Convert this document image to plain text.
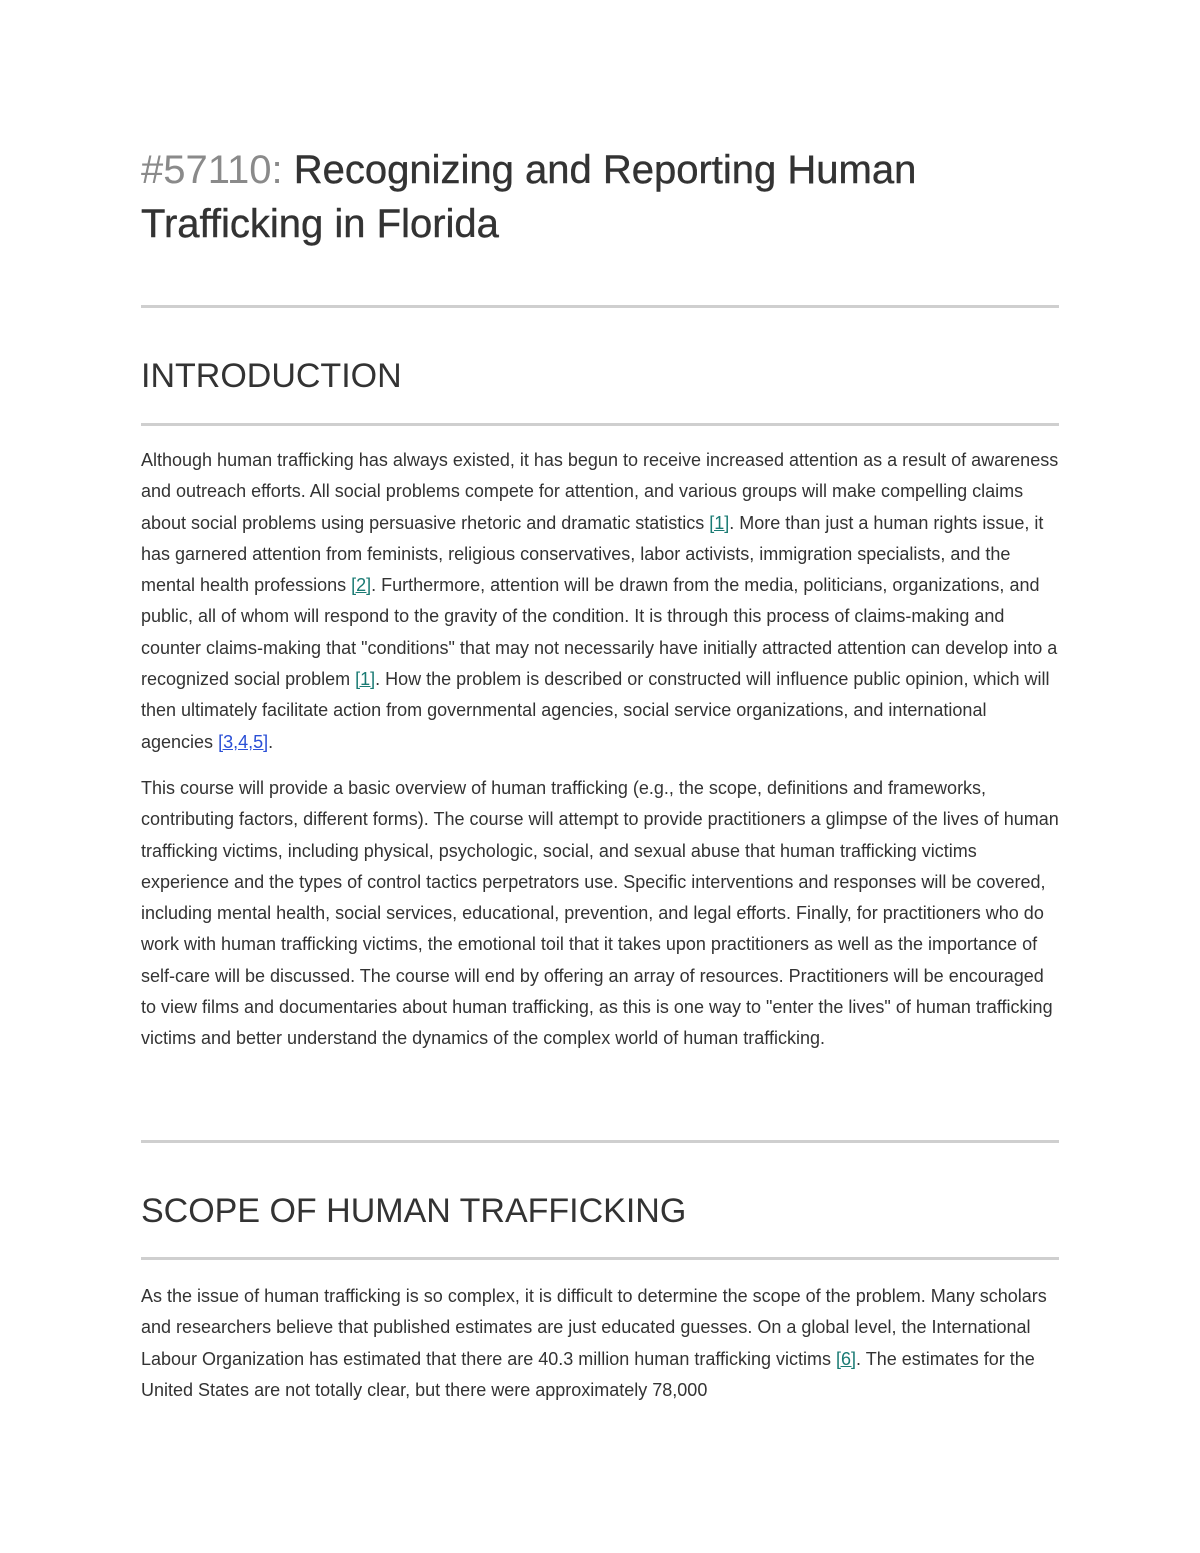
#57110: Recognizing and Reporting Human Trafficking in Florida
INTRODUCTION

Although human trafficking has always existed, it has begun to receive increased attention as a result of awareness and outreach efforts. All social problems compete for attention, and various groups will make compelling claims about social problems using persuasive rhetoric and dramatic statistics [1]. More than just a human rights issue, it has garnered attention from feminists, religious conservatives, labor activists, immigration specialists, and the mental health professions [2]. Furthermore, attention will be drawn from the media, politicians, organizations, and public, all of whom will respond to the gravity of the condition. It is through this process of claims-making and counter claims-making that "conditions" that may not necessarily have initially attracted attention can develop into a recognized social problem [1]. How the problem is described or constructed will influence public opinion, which will then ultimately facilitate action from governmental agencies, social service organizations, and international agencies [3,4,5].

This course will provide a basic overview of human trafficking (e.g., the scope, definitions and frameworks, contributing factors, different forms). The course will attempt to provide practitioners a glimpse of the lives of human trafficking victims, including physical, psychologic, social, and sexual abuse that human trafficking victims experience and the types of control tactics perpetrators use. Specific interventions and responses will be covered, including mental health, social services, educational, prevention, and legal efforts. Finally, for practitioners who do work with human trafficking victims, the emotional toil that it takes upon practitioners as well as the importance of self-care will be discussed. The course will end by offering an array of resources. Practitioners will be encouraged to view films and documentaries about human trafficking, as this is one way to "enter the lives" of human trafficking victims and better understand the dynamics of the complex world of human trafficking.

SCOPE OF HUMAN TRAFFICKING

As the issue of human trafficking is so complex, it is difficult to determine the scope of the problem. Many scholars and researchers believe that published estimates are just educated guesses. On a global level, the International Labour Organization has estimated that there are 40.3 million human trafficking victims [6]. The estimates for the United States are not totally clear, but there were approximately 78,000
